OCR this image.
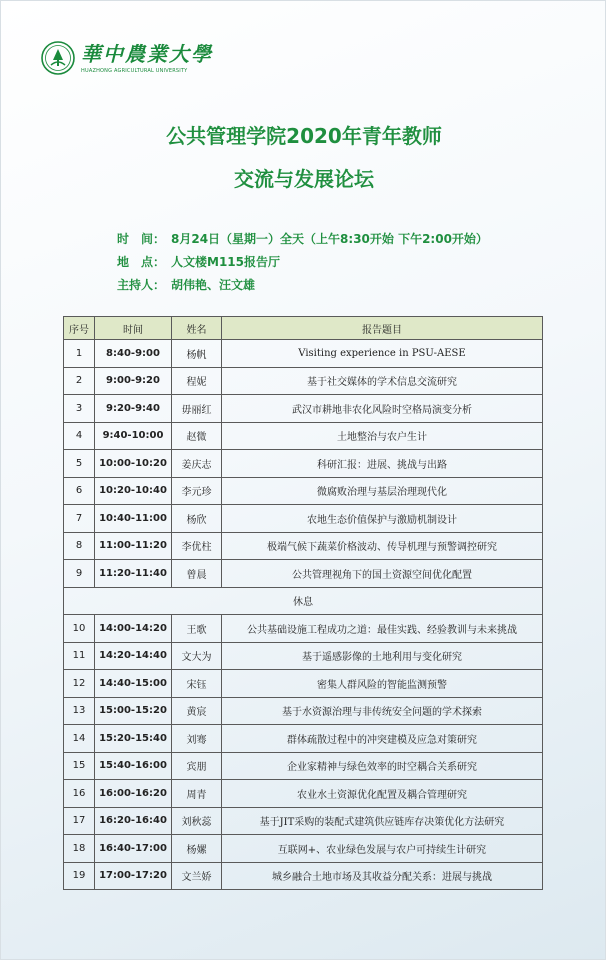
華中農業大學
HUAZHONG AGRICULTURAL UNIVERSITY
公共管理学院2020年青年教师
交流与发展论坛
时　间： 8月24日（星期一）全天（上午8:30开始 下午2:00开始）
地　点： 人文楼M115报告厅
主持人： 胡伟艳、汪文雄
序号	时间	姓名	报告题目
1	8:40-9:00	杨帆	Visiting experience in PSU-AESE
2	9:00-9:20	程妮	基于社交媒体的学术信息交流研究
3	9:20-9:40	毋丽红	武汉市耕地非农化风险时空格局演变分析
4	9:40-10:00	赵微	土地整治与农户生计
5	10:00-10:20	姜庆志	科研汇报：进展、挑战与出路
6	10:20-10:40	李元珍	微腐败治理与基层治理现代化
7	10:40-11:00	杨欣	农地生态价值保护与激励机制设计
8	11:00-11:20	李优柱	极端气候下蔬菜价格波动、传导机理与预警调控研究
9	11:20-11:40	曾晨	公共管理视角下的国土资源空间优化配置
休息			
10	14:00-14:20	王歌	公共基础设施工程成功之道：最佳实践、经验教训与未来挑战
11	14:20-14:40	文大为	基于遥感影像的土地利用与变化研究
12	14:40-15:00	宋钰	密集人群风险的智能监测预警
13	15:00-15:20	黄宸	基于水资源治理与非传统安全问题的学术探索
14	15:20-15:40	刘骞	群体疏散过程中的冲突建模及应急对策研究
15	15:40-16:00	宾朋	企业家精神与绿色效率的时空耦合关系研究
16	16:00-16:20	周青	农业水土资源优化配置及耦合管理研究
17	16:20-16:40	刘秋蕊	基于JIT采购的装配式建筑供应链库存决策优化方法研究
18	16:40-17:00	杨嫘	互联网+、农业绿色发展与农户可持续生计研究
19	17:00-17:20	文兰娇	城乡融合土地市场及其收益分配关系：进展与挑战
